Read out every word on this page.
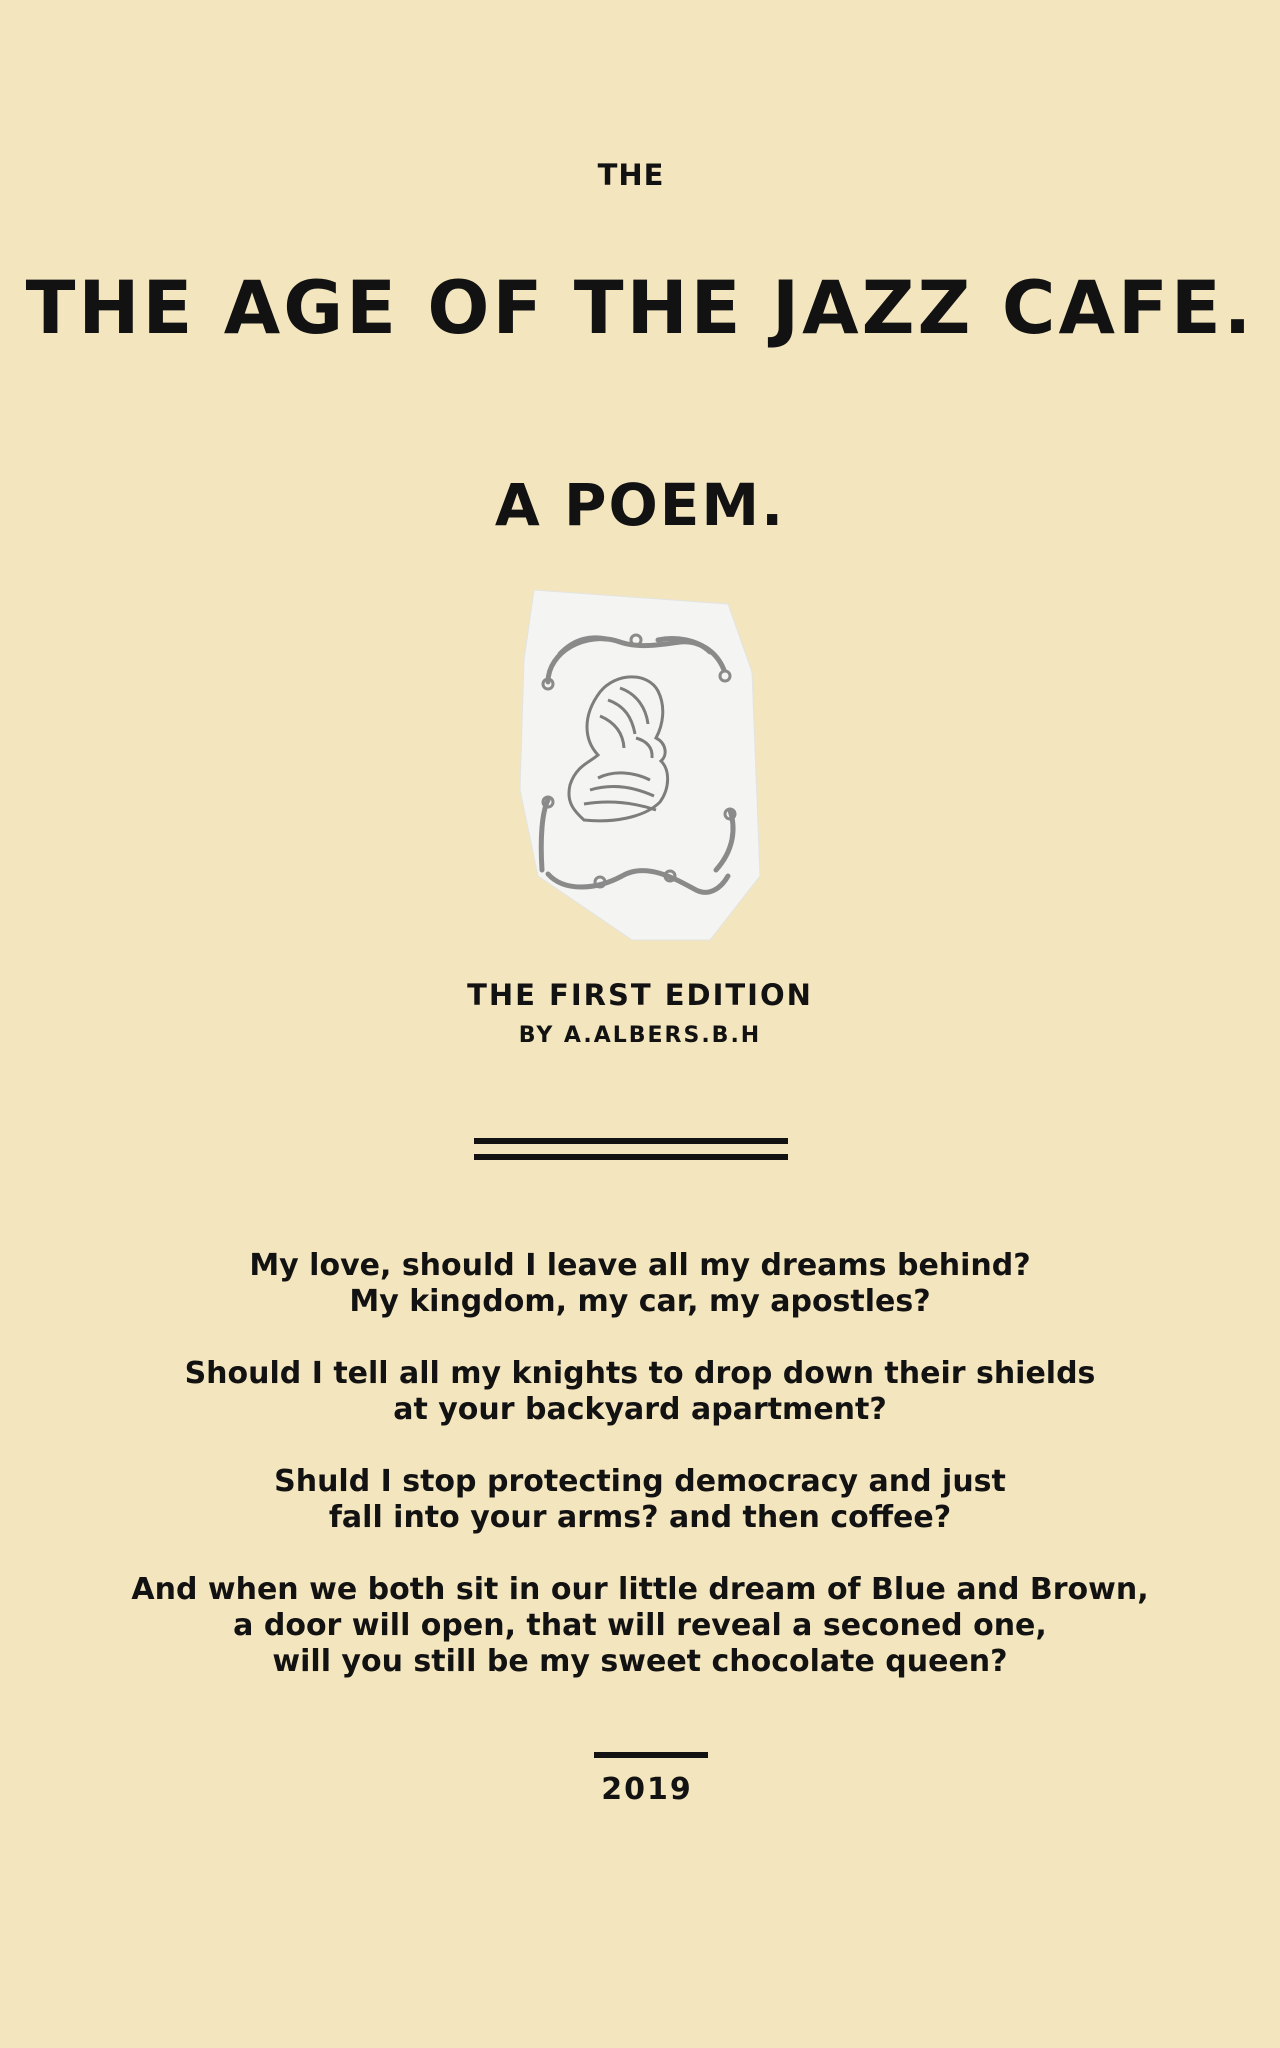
THE
THE AGE OF THE JAZZ CAFE.
A POEM.
THE FIRST EDITION
BY A.ALBERS.B.H
My love, should I leave all my dreams behind?
My kingdom, my car, my apostles?
Should I tell all my knights to drop down their shields
at your backyard apartment?
Shuld I stop protecting democracy and just
fall into your arms? and then coffee?
And when we both sit in our little dream of Blue and Brown,
a door will open, that will reveal a seconed one,
will you still be my sweet chocolate queen?
2019
